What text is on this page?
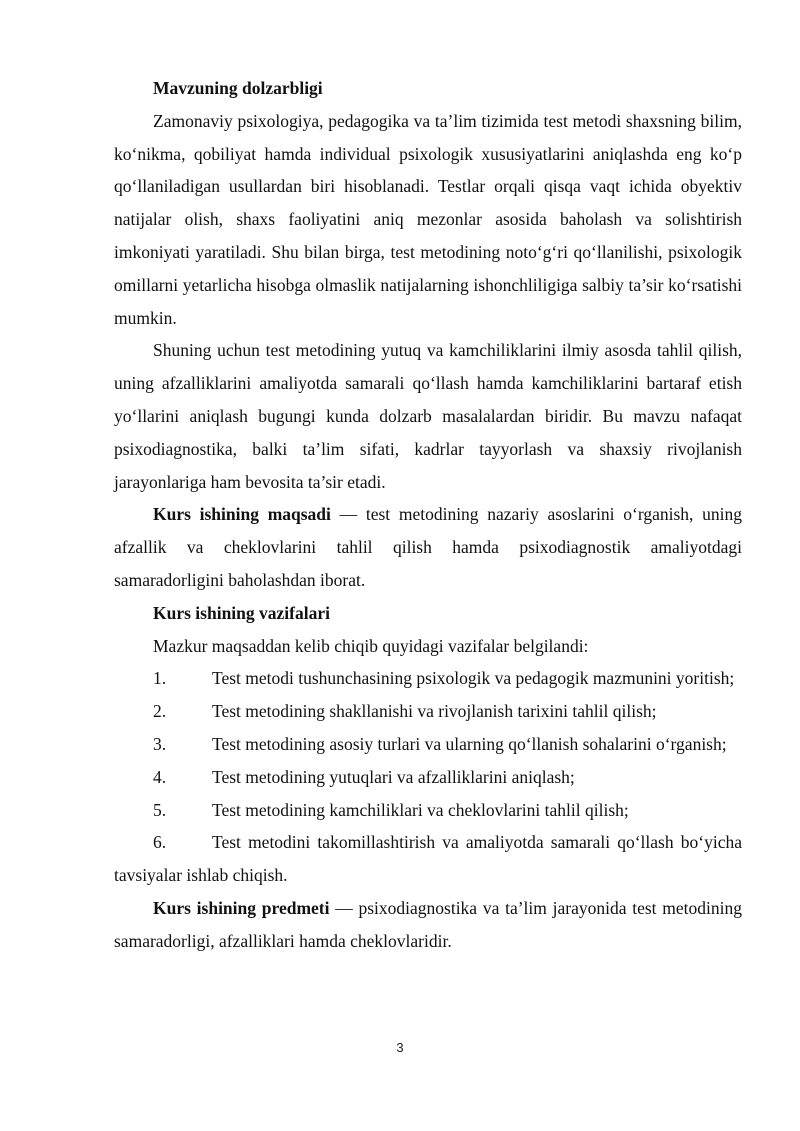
Mavzuning dolzarbligi

Zamonaviy psixologiya, pedagogika va ta’lim tizimida test metodi shaxsning bilim, ko‘nikma, qobiliyat hamda individual psixologik xususiyatlarini aniqlashda eng ko‘p qo‘llaniladigan usullardan biri hisoblanadi. Testlar orqali qisqa vaqt ichida obyektiv natijalar olish, shaxs faoliyatini aniq mezonlar asosida baholash va solishtirish imkoniyati yaratiladi. Shu bilan birga, test metodining noto‘g‘ri qo‘llanilishi, psixologik omillarni yetarlicha hisobga olmaslik natijalarning ishonchliligiga salbiy ta’sir ko‘rsatishi mumkin.

Shuning uchun test metodining yutuq va kamchiliklarini ilmiy asosda tahlil qilish, uning afzalliklarini amaliyotda samarali qo‘llash hamda kamchiliklarini bartaraf etish yo‘llarini aniqlash bugungi kunda dolzarb masalalardan biridir. Bu mavzu nafaqat psixodiagnostika, balki ta’lim sifati, kadrlar tayyorlash va shaxsiy rivojlanish jarayonlariga ham bevosita ta’sir etadi.

Kurs ishining maqsadi — test metodining nazariy asoslarini o‘rganish, uning afzallik va cheklovlarini tahlil qilish hamda psixodiagnostik amaliyotdagi samaradorligini baholashdan iborat.

Kurs ishining vazifalari

Mazkur maqsaddan kelib chiqib quyidagi vazifalar belgilandi:

1.	Test metodi tushunchasining psixologik va pedagogik mazmunini yoritish;

2.	Test metodining shakllanishi va rivojlanish tarixini tahlil qilish;

3.	Test metodining asosiy turlari va ularning qo‘llanish sohalarini o‘rganish;

4.	Test metodining yutuqlari va afzalliklarini aniqlash;

5.	Test metodining kamchiliklari va cheklovlarini tahlil qilish;

6.	Test metodini takomillashtirish va amaliyotda samarali qo‘llash bo‘yicha tavsiyalar ishlab chiqish.

Kurs ishining predmeti — psixodiagnostika va ta’lim jarayonida test metodining samaradorligi, afzalliklari hamda cheklovlaridir.

3
